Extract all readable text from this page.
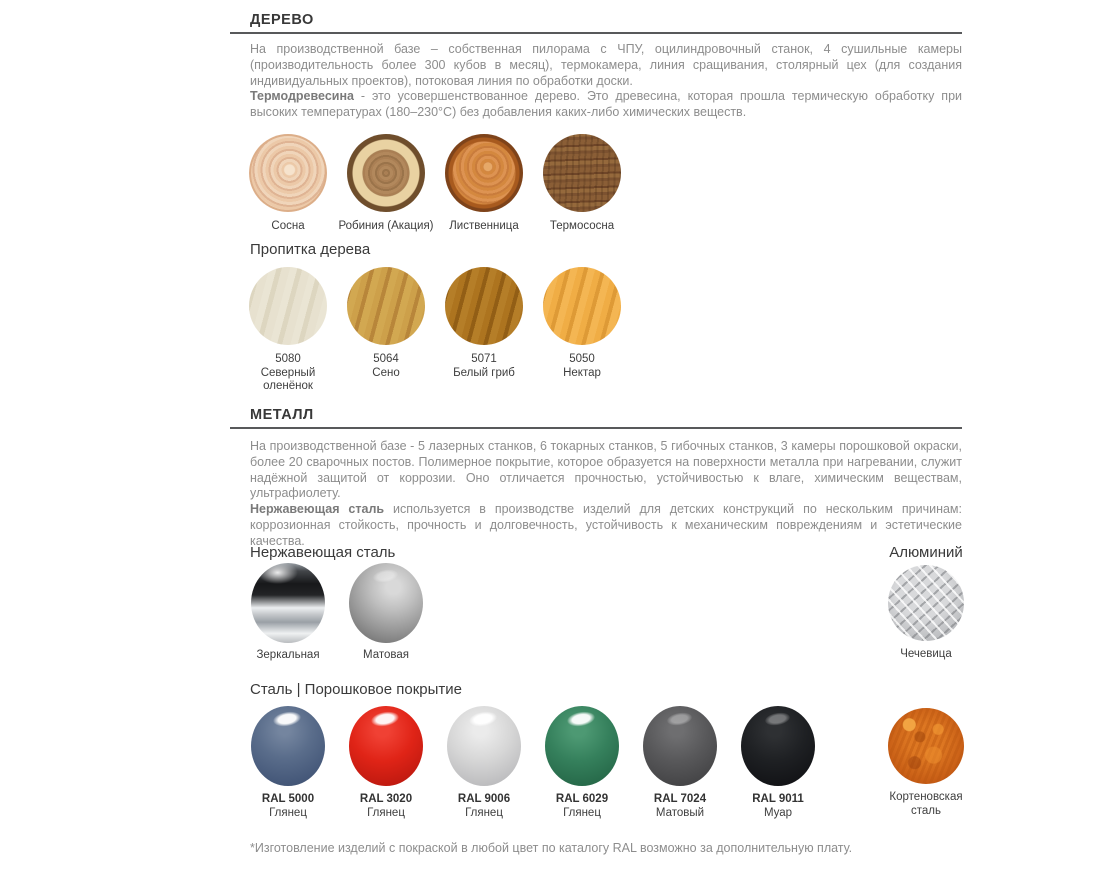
ДЕРЕВО

На производственной базе – собственная пилорама с ЧПУ, оцилиндровочный станок, 4 сушильные камеры (производительность более 300 кубов в месяц), термокамера, линия сращивания, столярный цех (для создания индивидуальных проектов), потоковая линия по обработки доски.

Термодревесина - это усовершенствованное дерево. Это древесина, которая прошла термическую обработку при высоких температурах (180–230°С) без добавления каких-либо химических веществ.

Сосна	Робиния (Акация)	Лиственница	Термососна
Пропитка дерева
5080
Северный оленёнок
5064
Сено
5071
Белый гриб
5050
Нектар
МЕТАЛЛ

На производственной базе - 5 лазерных станков, 6 токарных станков, 5 гибочных станков, 3 камеры порошковой окраски, более 20 сварочных постов. Полимерное покрытие, которое образуется на поверхности металла при нагревании, служит надёжной защитой от коррозии. Оно отличается прочностью, устойчивостью к влаге, химическим веществам, ультрафиолету.

Нержавеющая сталь используется в производстве изделий для детских конструкций по нескольким причинам: коррозионная стойкость, прочность и долговечность, устойчивость к механическим повреждениям и эстетические качества.

Нержавеющая сталь	Алюминий
Зеркальная	Матовая	Чечевица
Сталь | Порошковое покрытие
RAL 5000
Глянец
RAL 3020
Глянец
RAL 9006
Глянец
RAL 6029
Глянец
RAL 7024
Матовый
RAL 9011
Муар
Кортеновская сталь
*Изготовление изделий с покраской в любой цвет по каталогу RAL возможно за дополнительную плату.
